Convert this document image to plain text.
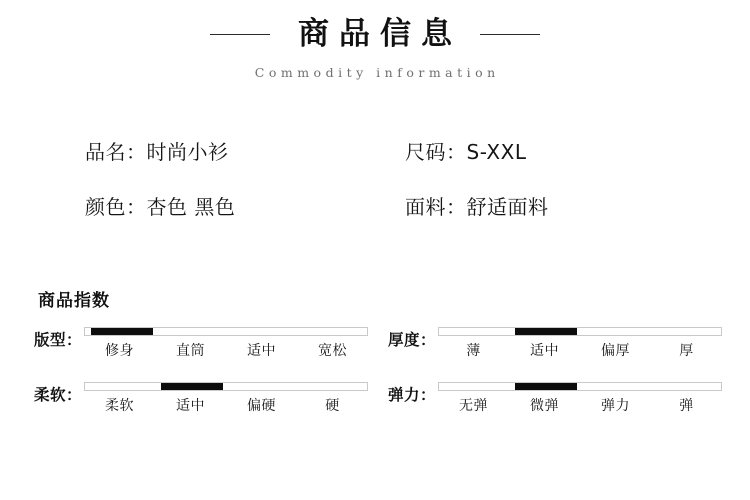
商品信息
Commodity information
品名：时尚小衫	尺码：S-XXL
颜色：杏色 黑色	面料：舒适面料
商品指数
版型：
修身	直筒	适中	宽松
厚度：
薄	适中	偏厚	厚
柔软：
柔软	适中	偏硬	硬
弹力：
无弹	微弹	弹力	弹
